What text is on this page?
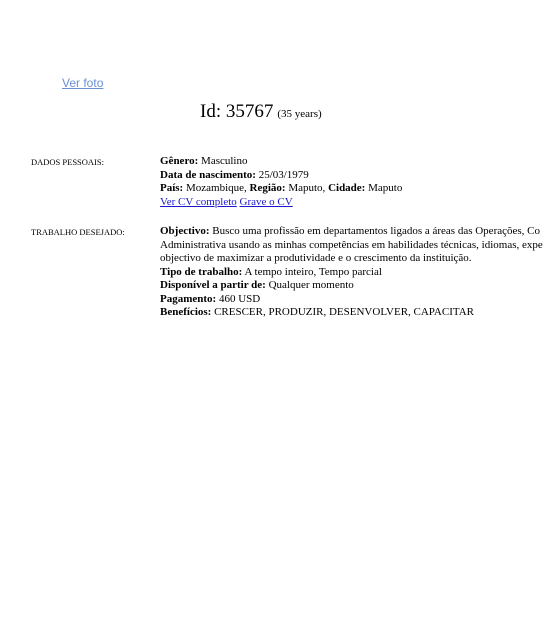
Ver foto
Id: 35767 (35 years)
DADOS PESSOAIS:	Gênero: Masculino
Data de nascimento: 25/03/1979
País: Mozambique, Região: Maputo, Cidade: Maputo
Ver CV completo Grave o CV
TRABALHO DESEJADO:	Objectivo: Busco uma profissão em departamentos ligados a áreas das Operações, Co
Administrativa usando as minhas competências em habilidades técnicas, idiomas, expe
objectivo de maximizar a produtividade e o crescimento da instituição.
Tipo de trabalho: A tempo inteiro, Tempo parcial
Disponível a partir de: Qualquer momento
Pagamento: 460 USD
Benefícios: CRESCER, PRODUZIR, DESENVOLVER, CAPACITAR
